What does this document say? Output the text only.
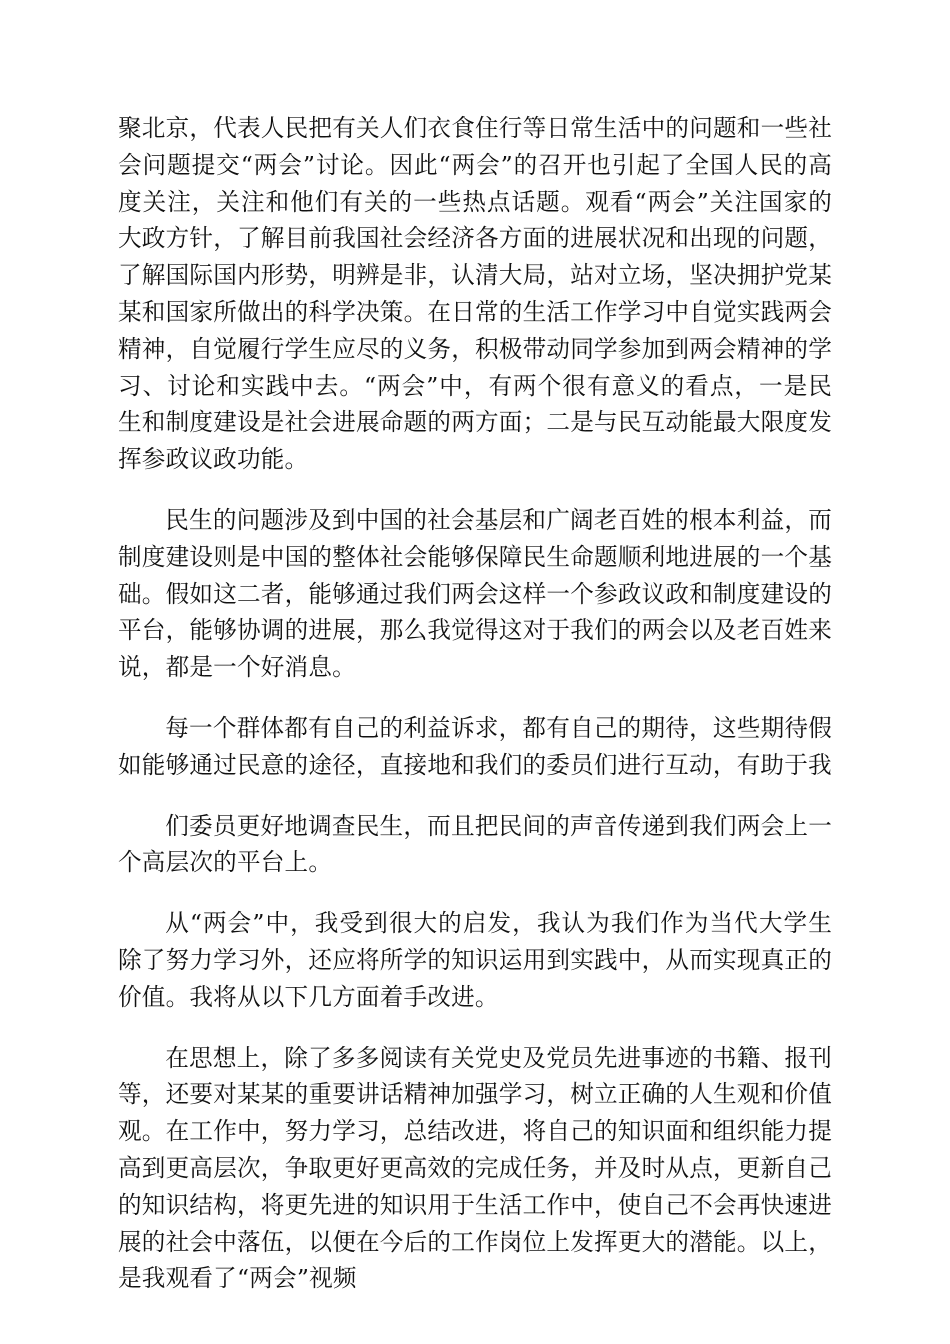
聚北京，代表人民把有关人们衣食住行等日常生活中的问题和一些社会问题提交“两会”讨论。因此“两会”的召开也引起了全国人民的高度关注，关注和他们有关的一些热点话题。观看“两会”关注国家的大政方针，了解目前我国社会经济各方面的进展状况和出现的问题，了解国际国内形势，明辨是非，认清大局，站对立场，坚决拥护党某某和国家所做出的科学决策。在日常的生活工作学习中自觉实践两会精神，自觉履行学生应尽的义务，积极带动同学参加到两会精神的学习、讨论和实践中去。“两会”中，有两个很有意义的看点，一是民生和制度建设是社会进展命题的两方面；二是与民互动能最大限度发挥参政议政功能。

民生的问题涉及到中国的社会基层和广阔老百姓的根本利益，而制度建设则是中国的整体社会能够保障民生命题顺利地进展的一个基础。假如这二者，能够通过我们两会这样一个参政议政和制度建设的平台，能够协调的进展，那么我觉得这对于我们的两会以及老百姓来说，都是一个好消息。

每一个群体都有自己的利益诉求，都有自己的期待，这些期待假如能够通过民意的途径，直接地和我们的委员们进行互动，有助于我

们委员更好地调查民生，而且把民间的声音传递到我们两会上一个高层次的平台上。

从“两会”中，我受到很大的启发，我认为我们作为当代大学生除了努力学习外，还应将所学的知识运用到实践中，从而实现真正的价值。我将从以下几方面着手改进。

在思想上，除了多多阅读有关党史及党员先进事迹的书籍、报刊等，还要对某某的重要讲话精神加强学习，树立正确的人生观和价值观。在工作中，努力学习，总结改进，将自己的知识面和组织能力提高到更高层次，争取更好更高效的完成任务，并及时从点，更新自己的知识结构，将更先进的知识用于生活工作中，使自己不会再快速进展的社会中落伍，以便在今后的工作岗位上发挥更大的潜能。以上，是我观看了“两会”视频
